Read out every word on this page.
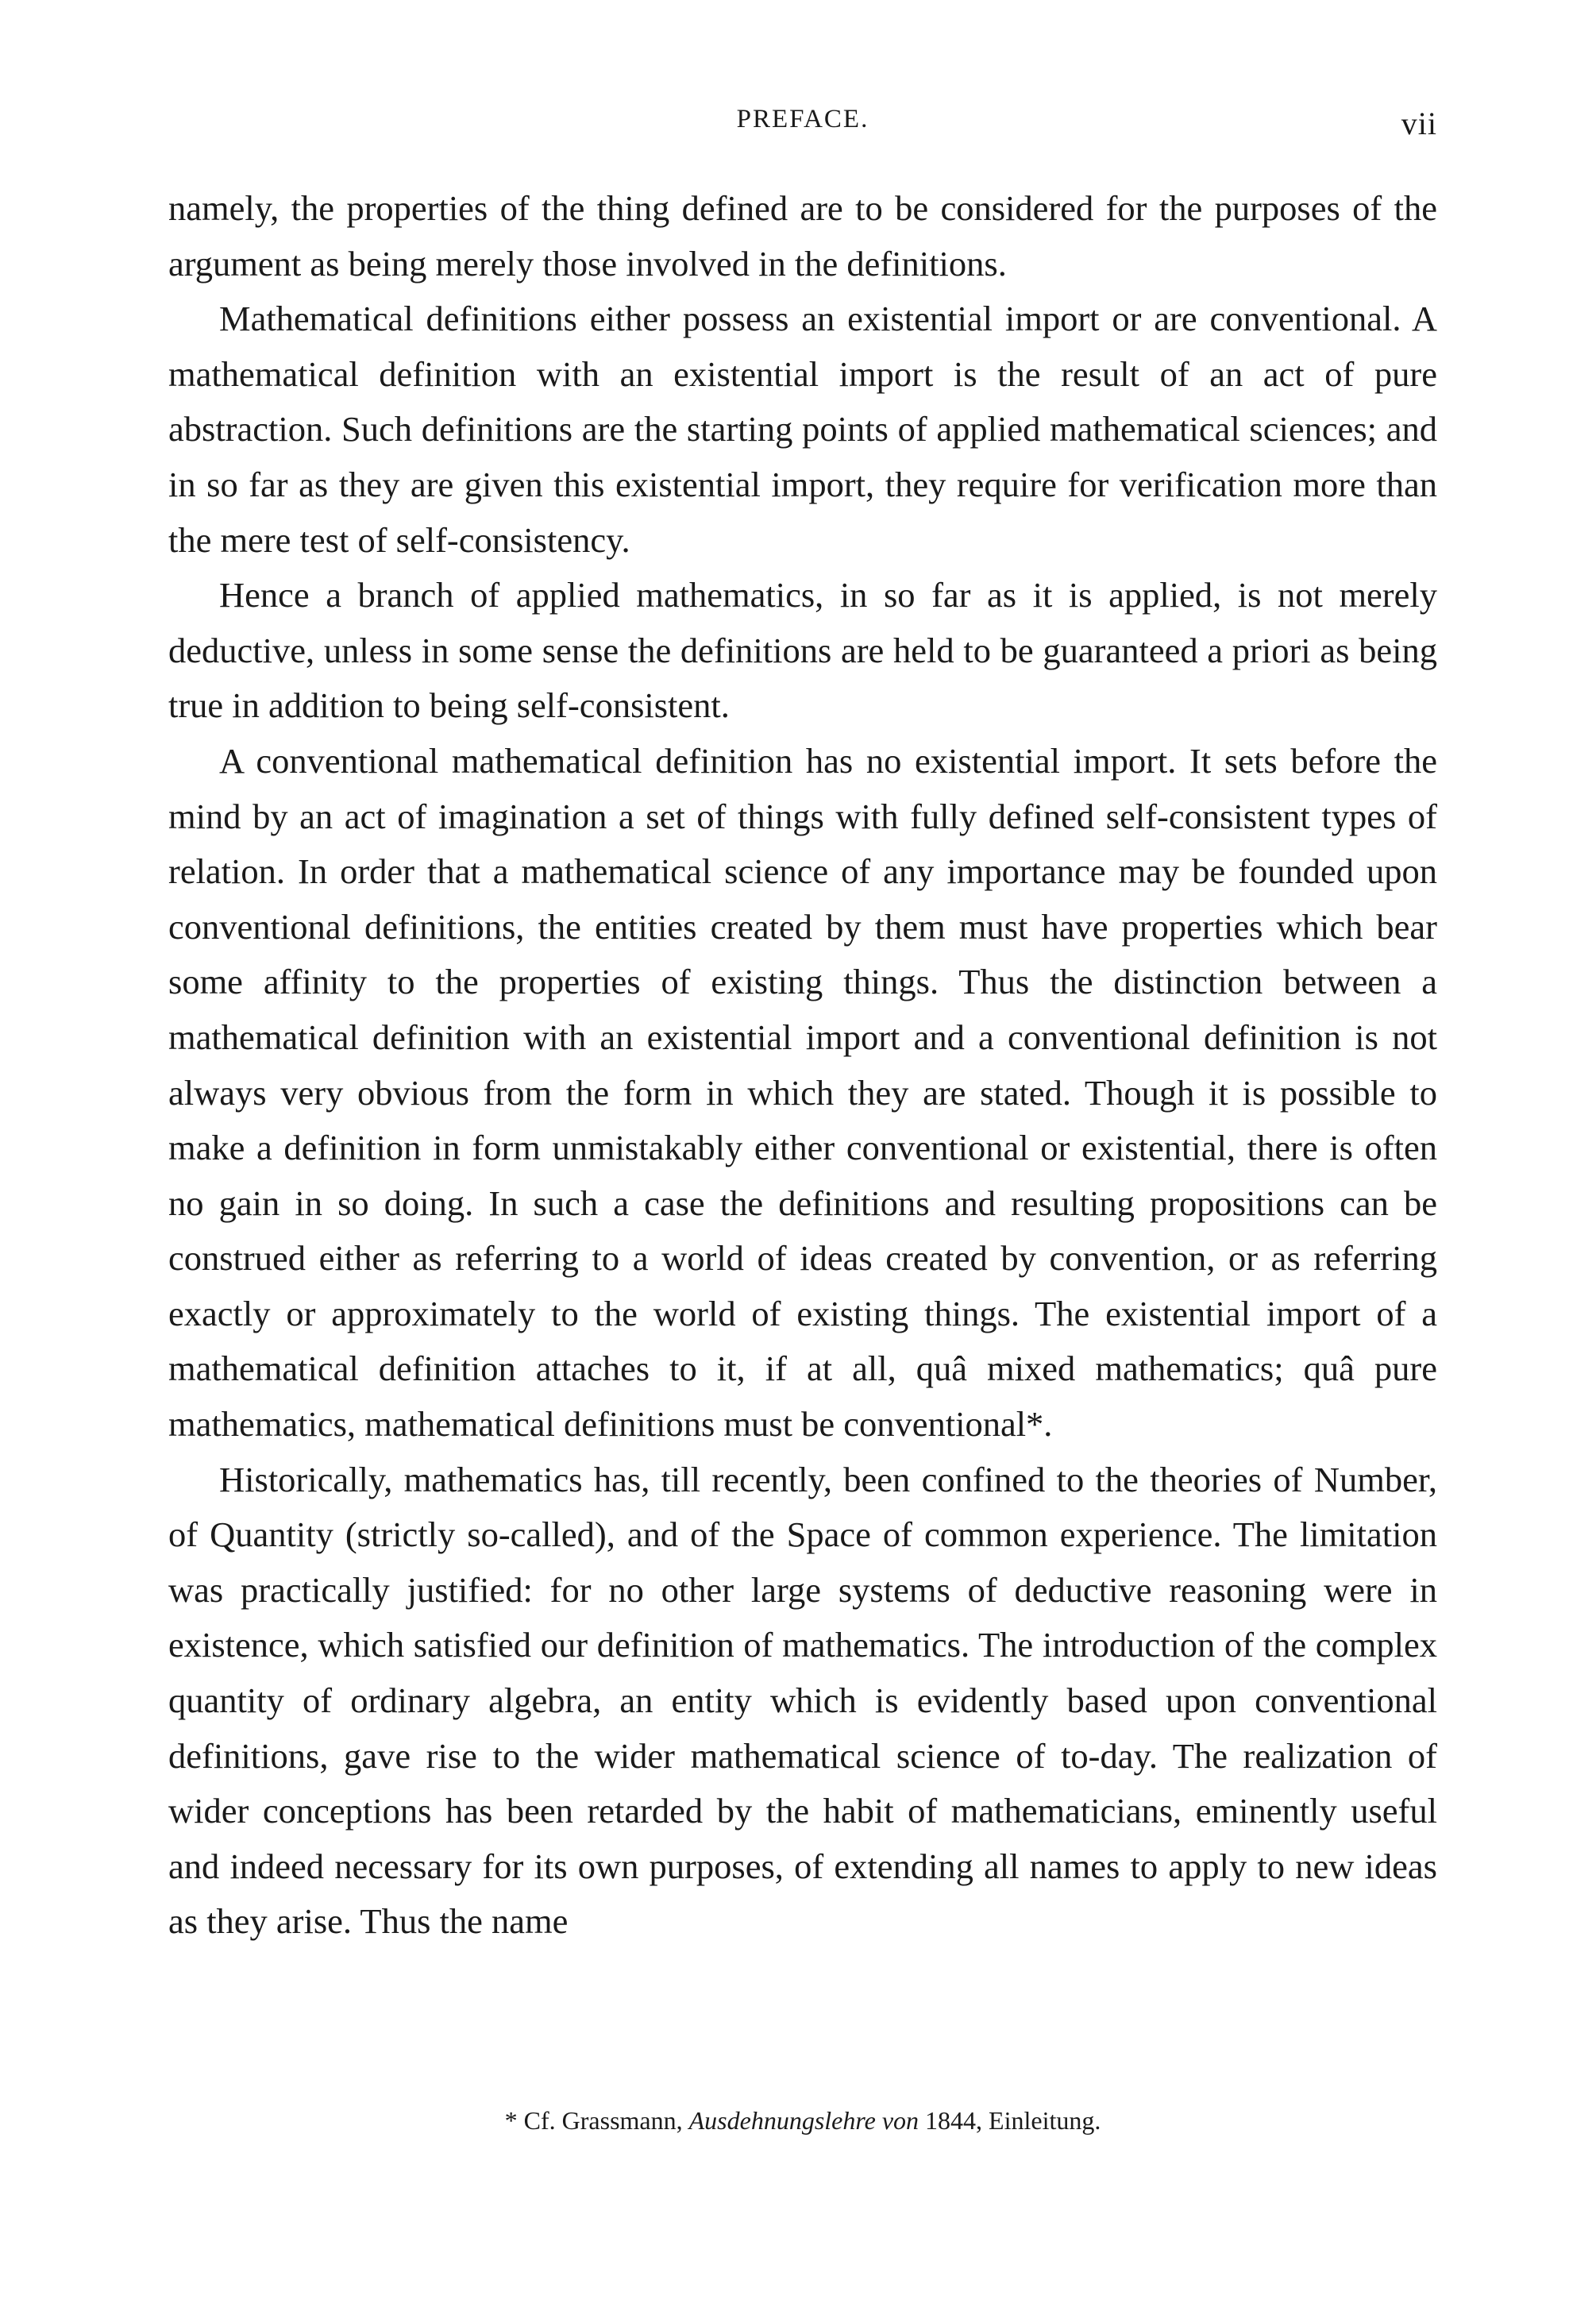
PREFACE.	vii

namely, the properties of the thing defined are to be considered for the purposes of the argument as being merely those involved in the definitions.

Mathematical definitions either possess an existential import or are conventional. A mathematical definition with an existential import is the result of an act of pure abstraction. Such definitions are the starting points of applied mathematical sciences; and in so far as they are given this existential import, they require for verification more than the mere test of self-consistency.

Hence a branch of applied mathematics, in so far as it is applied, is not merely deductive, unless in some sense the definitions are held to be guaranteed a priori as being true in addition to being self-consistent.

A conventional mathematical definition has no existential import. It sets before the mind by an act of imagination a set of things with fully defined self-consistent types of relation. In order that a mathematical science of any importance may be founded upon conventional definitions, the entities created by them must have properties which bear some affinity to the properties of existing things. Thus the distinction between a mathematical definition with an existential import and a conventional definition is not always very obvious from the form in which they are stated. Though it is possible to make a definition in form unmistakably either conventional or existential, there is often no gain in so doing. In such a case the definitions and resulting propositions can be construed either as referring to a world of ideas created by convention, or as referring exactly or approximately to the world of existing things. The existential import of a mathematical definition attaches to it, if at all, quâ mixed mathematics; quâ pure mathematics, mathematical definitions must be conventional*.

Historically, mathematics has, till recently, been confined to the theories of Number, of Quantity (strictly so-called), and of the Space of common experience. The limitation was practically justified: for no other large systems of deductive reasoning were in existence, which satisfied our definition of mathematics. The introduction of the complex quantity of ordinary algebra, an entity which is evidently based upon conventional definitions, gave rise to the wider mathematical science of to-day. The realization of wider conceptions has been retarded by the habit of mathematicians, eminently useful and indeed necessary for its own purposes, of extending all names to apply to new ideas as they arise. Thus the name

* Cf. Grassmann, Ausdehnungslehre von 1844, Einleitung.
